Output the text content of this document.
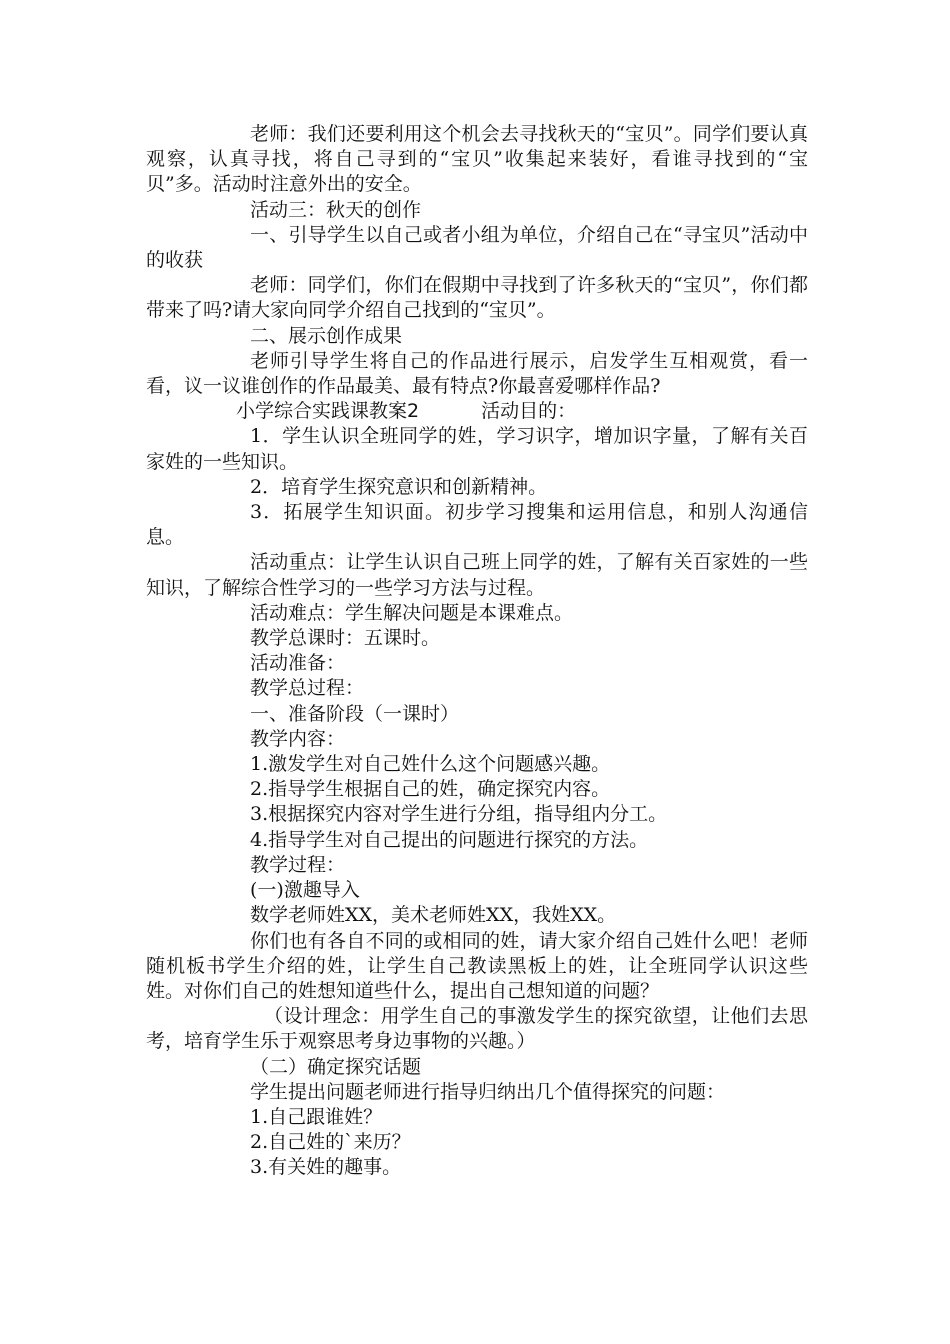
老师：我们还要利用这个机会去寻找秋天的“宝贝”。同学们要认真观察，认真寻找，将自己寻到的“宝贝”收集起来装好，看谁寻找到的“宝贝”多。活动时注意外出的安全。

活动三：秋天的创作

一、引导学生以自己或者小组为单位，介绍自己在“寻宝贝”活动中的收获

老师：同学们，你们在假期中寻找到了许多秋天的“宝贝”，你们都带来了吗?请大家向同学介绍自己找到的“宝贝”。

二、展示创作成果

老师引导学生将自己的作品进行展示，启发学生互相观赏，看一看，议一议谁创作的作品最美、最有特点?你最喜爱哪样作品?

小学综合实践课教案2	活动目的：

1．学生认识全班同学的姓，学习识字，增加识字量，了解有关百家姓的一些知识。

2．培育学生探究意识和创新精神。

3．拓展学生知识面。初步学习搜集和运用信息，和别人沟通信息。

活动重点：让学生认识自己班上同学的姓，了解有关百家姓的一些知识，了解综合性学习的一些学习方法与过程。

活动难点：学生解决问题是本课难点。

教学总课时：五课时。

活动准备：

教学总过程：

一、准备阶段（一课时）

教学内容：

1.激发学生对自己姓什么这个问题感兴趣。

2.指导学生根据自己的姓，确定探究内容。

3.根据探究内容对学生进行分组，指导组内分工。

4.指导学生对自己提出的问题进行探究的方法。

教学过程：

(一)激趣导入

数学老师姓XX，美术老师姓XX，我姓XX。

你们也有各自不同的或相同的姓，请大家介绍自己姓什么吧！老师随机板书学生介绍的姓，让学生自己教读黑板上的姓，让全班同学认识这些姓。对你们自己的姓想知道些什么，提出自己想知道的问题？

（设计理念：用学生自己的事激发学生的探究欲望，让他们去思考，培育学生乐于观察思考身边事物的兴趣。）

（二）确定探究话题

学生提出问题老师进行指导归纳出几个值得探究的问题：

1.自己跟谁姓？

2.自己姓的`来历？

3.有关姓的趣事。
